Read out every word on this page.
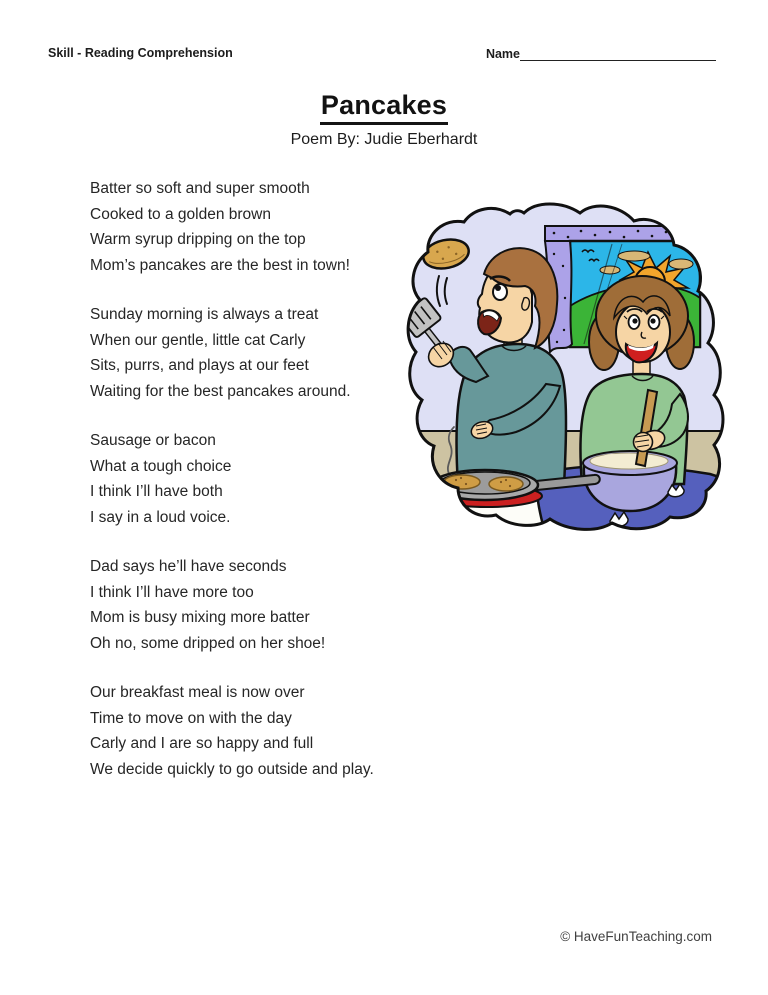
Skill - Reading Comprehension	Name
Pancakes
Poem By: Judie Eberhardt

Batter so soft and super smooth

Cooked to a golden brown

Warm syrup dripping on the top

Mom’s pancakes are the best in town!

Sunday morning is always a treat

When our gentle, little cat Carly

Sits, purrs, and plays at our feet

Waiting for the best pancakes around.

Sausage or bacon

What a tough choice

I think I’ll have both

I say in a loud voice.

Dad says he’ll have seconds

I think I’ll have more too

Mom is busy mixing more batter

Oh no, some dripped on her shoe!

Our breakfast meal is now over

Time to move on with the day

Carly and I are so happy and full

We decide quickly to go outside and play.

© HaveFunTeaching.com
